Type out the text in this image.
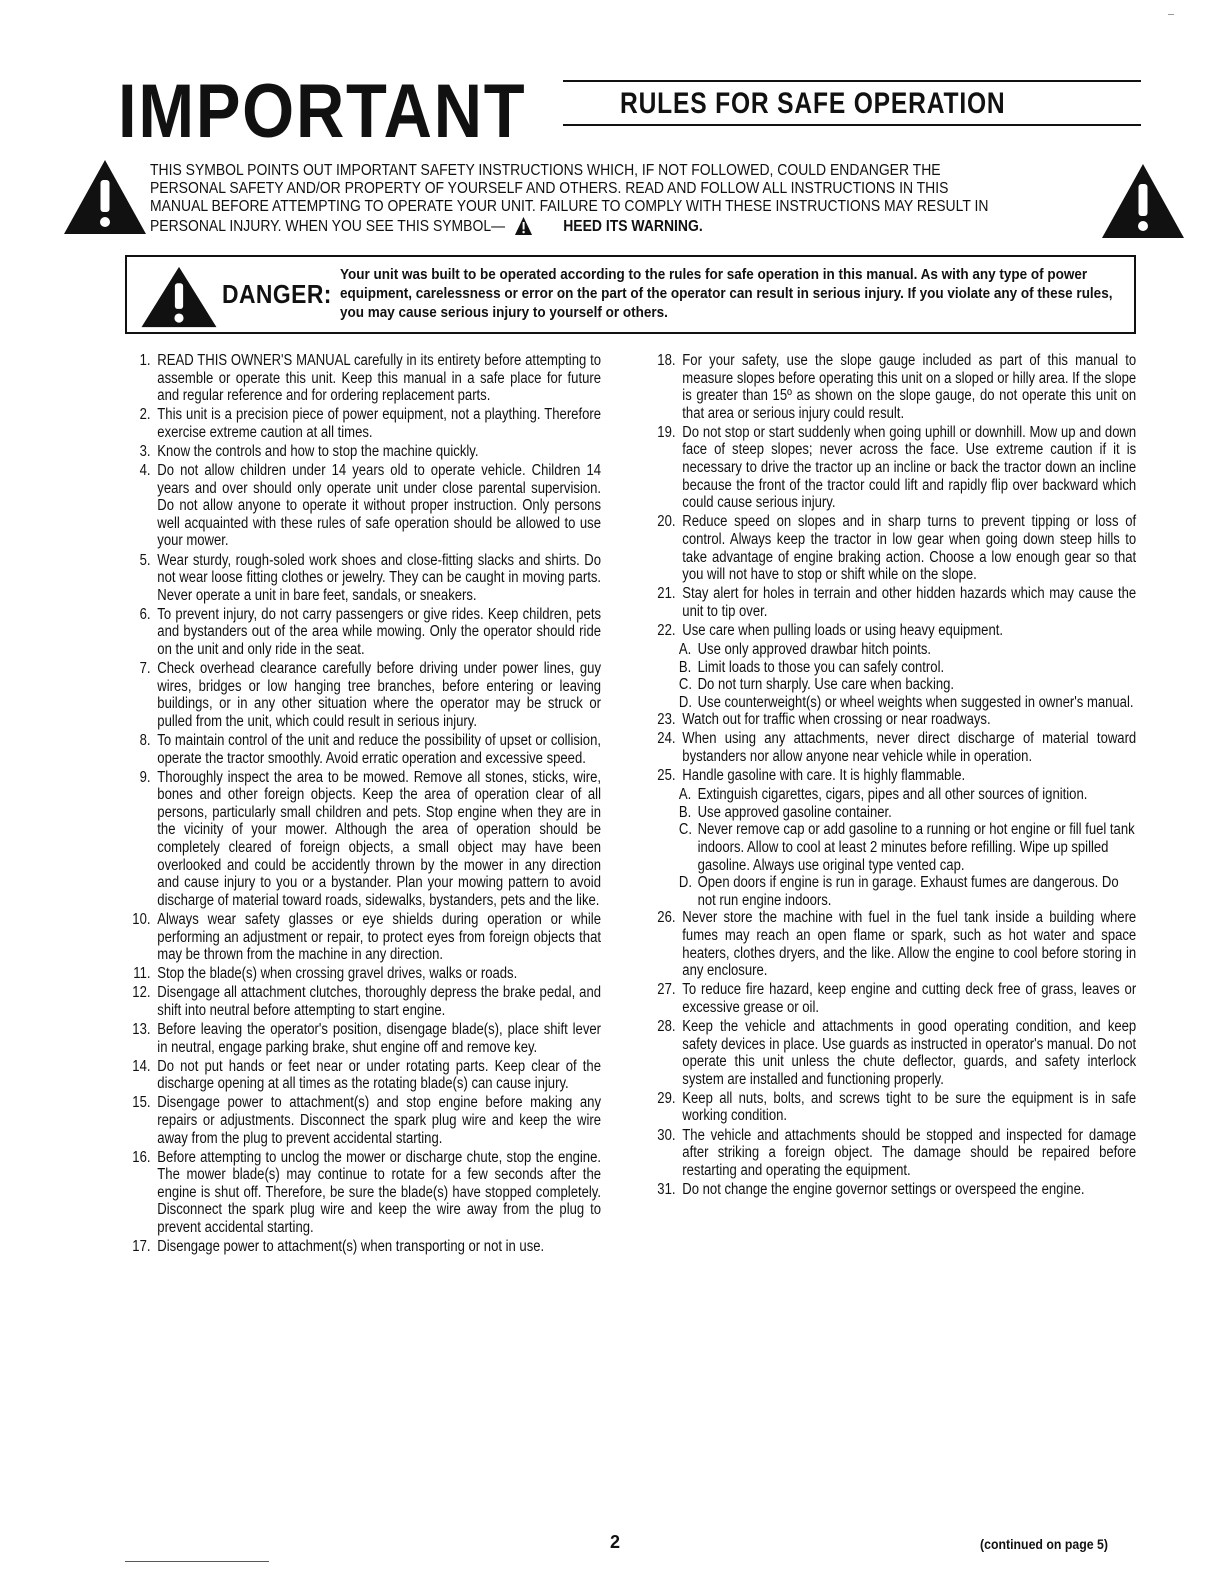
IMPORTANT	RULES FOR SAFE OPERATION
THIS SYMBOL POINTS OUT IMPORTANT SAFETY INSTRUCTIONS WHICH, IF NOT FOLLOWED, COULD ENDANGER THE PERSONAL SAFETY AND/OR PROPERTY OF YOURSELF AND OTHERS. READ AND FOLLOW ALL INSTRUCTIONS IN THIS MANUAL BEFORE ATTEMPTING TO OPERATE YOUR UNIT. FAILURE TO COMPLY WITH THESE INSTRUCTIONS MAY RESULT IN PERSONAL INJURY. WHEN YOU SEE THIS SYMBOL—	HEED ITS WARNING.
DANGER:
Your unit was built to be operated according to the rules for safe operation in this manual. As with any type of power equipment, carelessness or error on the part of the operator can result in serious injury. If you violate any of these rules, you may cause serious injury to yourself or others.
1. READ THIS OWNER'S MANUAL carefully in its entirety before attempting to assemble or operate this unit. Keep this manual in a safe place for future and regular reference and for ordering replacement parts.
2. This unit is a precision piece of power equipment, not a plaything. Therefore exercise extreme caution at all times.
3. Know the controls and how to stop the machine quickly.
4. Do not allow children under 14 years old to operate vehicle. Children 14 years and over should only operate unit under close parental supervision. Do not allow anyone to operate it without proper instruction. Only persons well acquainted with these rules of safe operation should be allowed to use your mower.
5. Wear sturdy, rough-soled work shoes and close-fitting slacks and shirts. Do not wear loose fitting clothes or jewelry. They can be caught in moving parts. Never operate a unit in bare feet, sandals, or sneakers.
6. To prevent injury, do not carry passengers or give rides. Keep children, pets and bystanders out of the area while mowing. Only the operator should ride on the unit and only ride in the seat.
7. Check overhead clearance carefully before driving under power lines, guy wires, bridges or low hanging tree branches, before entering or leaving buildings, or in any other situation where the operator may be struck or pulled from the unit, which could result in serious injury.
8. To maintain control of the unit and reduce the possibility of upset or collision, operate the tractor smoothly. Avoid erratic operation and excessive speed.
9. Thoroughly inspect the area to be mowed. Remove all stones, sticks, wire, bones and other foreign objects. Keep the area of operation clear of all persons, particularly small children and pets. Stop engine when they are in the vicinity of your mower. Although the area of operation should be completely cleared of foreign objects, a small object may have been overlooked and could be accidently thrown by the mower in any direction and cause injury to you or a bystander. Plan your mowing pattern to avoid discharge of material toward roads, sidewalks, bystanders, pets and the like.
10. Always wear safety glasses or eye shields during operation or while performing an adjustment or repair, to protect eyes from foreign objects that may be thrown from the machine in any direction.
11. Stop the blade(s) when crossing gravel drives, walks or roads.
12. Disengage all attachment clutches, thoroughly depress the brake pedal, and shift into neutral before attempting to start engine.
13. Before leaving the operator's position, disengage blade(s), place shift lever in neutral, engage parking brake, shut engine off and remove key.
14. Do not put hands or feet near or under rotating parts. Keep clear of the discharge opening at all times as the rotating blade(s) can cause injury.
15. Disengage power to attachment(s) and stop engine before making any repairs or adjustments. Disconnect the spark plug wire and keep the wire away from the plug to prevent accidental starting.
16. Before attempting to unclog the mower or discharge chute, stop the engine. The mower blade(s) may continue to rotate for a few seconds after the engine is shut off. Therefore, be sure the blade(s) have stopped completely. Disconnect the spark plug wire and keep the wire away from the plug to prevent accidental starting.
17. Disengage power to attachment(s) when transporting or not in use.
18. For your safety, use the slope gauge included as part of this manual to measure slopes before operating this unit on a sloped or hilly area. If the slope is greater than 15º as shown on the slope gauge, do not operate this unit on that area or serious injury could result.
19. Do not stop or start suddenly when going uphill or downhill. Mow up and down face of steep slopes; never across the face. Use extreme caution if it is necessary to drive the tractor up an incline or back the tractor down an incline because the front of the tractor could lift and rapidly flip over backward which could cause serious injury.
20. Reduce speed on slopes and in sharp turns to prevent tipping or loss of control. Always keep the tractor in low gear when going down steep hills to take advantage of engine braking action. Choose a low enough gear so that you will not have to stop or shift while on the slope.
21. Stay alert for holes in terrain and other hidden hazards which may cause the unit to tip over.
22. Use care when pulling loads or using heavy equipment.
A. Use only approved drawbar hitch points.
B. Limit loads to those you can safely control.
C. Do not turn sharply. Use care when backing.
D. Use counterweight(s) or wheel weights when suggested in owner's manual.
23. Watch out for traffic when crossing or near roadways.
24. When using any attachments, never direct discharge of material toward bystanders nor allow anyone near vehicle while in operation.
25. Handle gasoline with care. It is highly flammable.
A. Extinguish cigarettes, cigars, pipes and all other sources of ignition.
B. Use approved gasoline container.
C. Never remove cap or add gasoline to a running or hot engine or fill fuel tank indoors. Allow to cool at least 2 minutes before refilling. Wipe up spilled gasoline. Always use original type vented cap.
D. Open doors if engine is run in garage. Exhaust fumes are dangerous. Do not run engine indoors.
26. Never store the machine with fuel in the fuel tank inside a building where fumes may reach an open flame or spark, such as hot water and space heaters, clothes dryers, and the like. Allow the engine to cool before storing in any enclosure.
27. To reduce fire hazard, keep engine and cutting deck free of grass, leaves or excessive grease or oil.
28. Keep the vehicle and attachments in good operating condition, and keep safety devices in place. Use guards as instructed in operator's manual. Do not operate this unit unless the chute deflector, guards, and safety interlock system are installed and functioning properly.
29. Keep all nuts, bolts, and screws tight to be sure the equipment is in safe working condition.
30. The vehicle and attachments should be stopped and inspected for damage after striking a foreign object. The damage should be repaired before restarting and operating the equipment.
31. Do not change the engine governor settings or overspeed the engine.
2	(continued on page 5)
